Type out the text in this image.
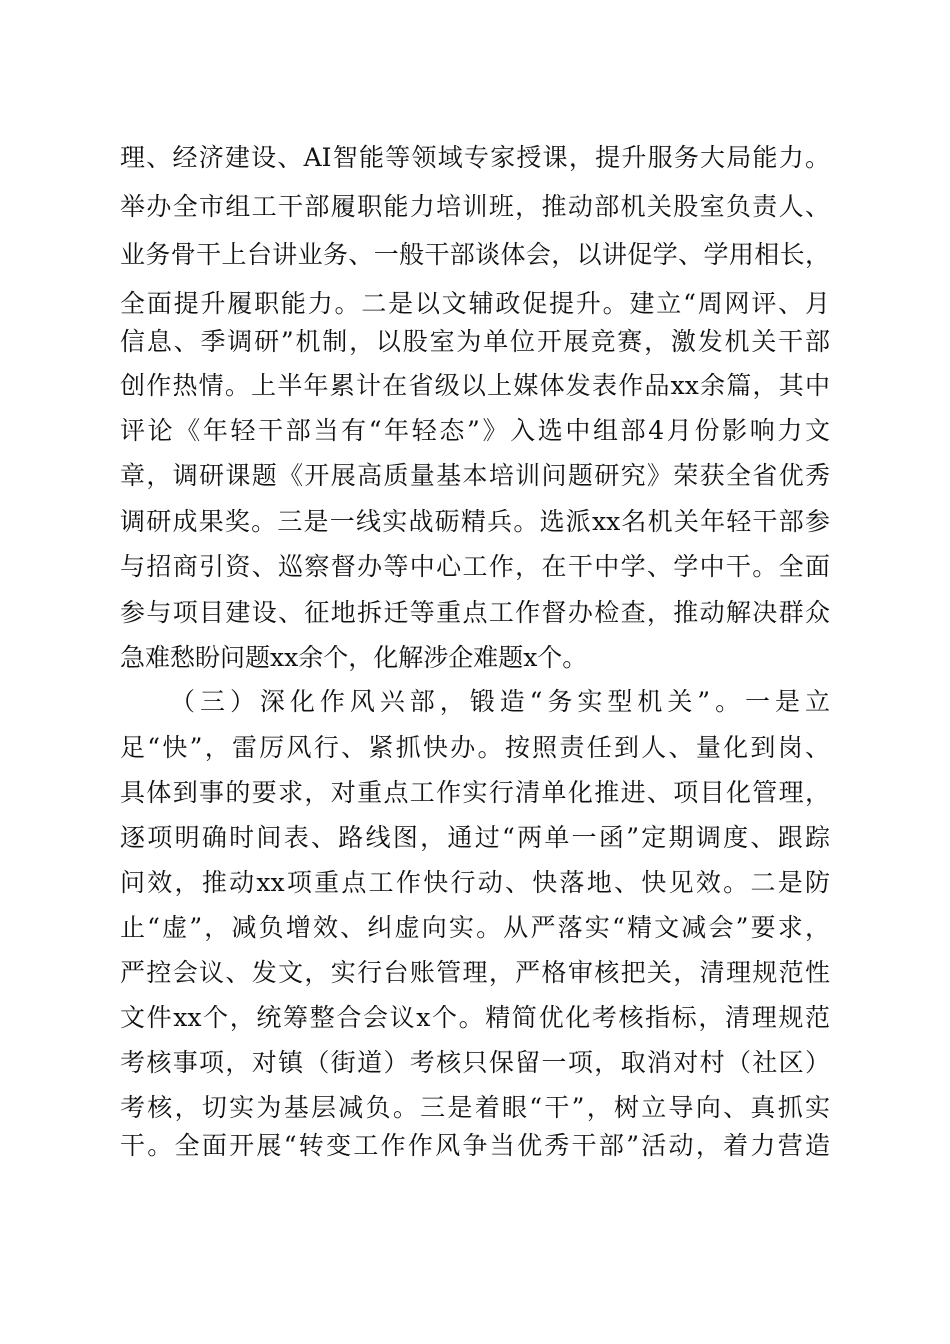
理、经济建设、AI智能等领域专家授课，提升服务大局能力。
举办全市组工干部履职能力培训班，推动部机关股室负责人、
业务骨干上台讲业务、一般干部谈体会，以讲促学、学用相长，
全面提升履职能力。二是以文辅政促提升。建立“周网评、月
信息、季调研”机制，以股室为单位开展竞赛，激发机关干部
创作热情。上半年累计在省级以上媒体发表作品xx余篇，其中
评论《年轻干部当有“年轻态”》入选中组部4月份影响力文
章，调研课题《开展高质量基本培训问题研究》荣获全省优秀
调研成果奖。三是一线实战砺精兵。选派xx名机关年轻干部参
与招商引资、巡察督办等中心工作，在干中学、学中干。全面
参与项目建设、征地拆迁等重点工作督办检查，推动解决群众
急难愁盼问题xx余个，化解涉企难题x个。
（三）深化作风兴部，锻造“务实型机关”。一是立
足“快”，雷厉风行、紧抓快办。按照责任到人、量化到岗、
具体到事的要求，对重点工作实行清单化推进、项目化管理，
逐项明确时间表、路线图，通过“两单一函”定期调度、跟踪
问效，推动xx项重点工作快行动、快落地、快见效。二是防
止“虚”，减负增效、纠虚向实。从严落实“精文减会”要求，
严控会议、发文，实行台账管理，严格审核把关，清理规范性
文件xx个，统筹整合会议x个。精简优化考核指标，清理规范
考核事项，对镇（街道）考核只保留一项，取消对村（社区）
考核，切实为基层减负。三是着眼“干”，树立导向、真抓实
干。全面开展“转变工作作风争当优秀干部”活动，着力营造
